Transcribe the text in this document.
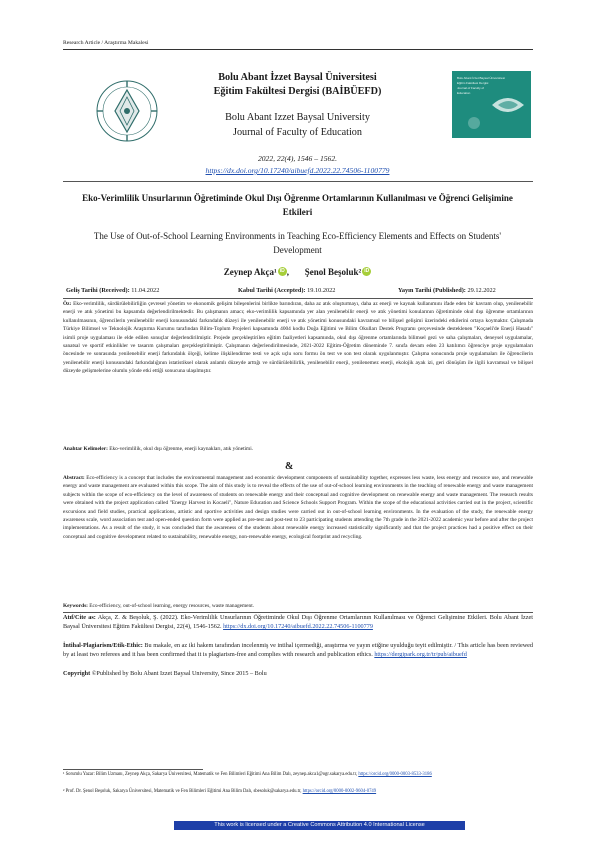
Research Article / Araştırma Makalesi
Bolu Abant İzzet Baysal Üniversitesi
Eğitim Fakültesi Dergisi
Journal of Faculty of
Education
Bolu Abant İzzet Baysal Üniversitesi
Eğitim Fakültesi Dergisi (BAİBÜEFD)
Bolu Abant Izzet Baysal University
Journal of Faculty of Education
2022, 22(4), 1546 – 1562.
https://dx.doi.org/10.17240/aibuefd.2022.22.74506-1100779
Eko-Verimlilik Unsurlarının Öğretiminde Okul Dışı Öğrenme Ortamlarının Kullanılması ve Öğrenci Gelişimine Etkileri
The Use of Out-of-School Learning Environments in Teaching Eco-Efficiency Elements and Effects on Students' Development
Zeynep Akça¹ iD , Şenol Beşoluk² iD
Geliş Tarihi (Received): 11.04.2022	Kabul Tarihi (Accepted): 19.10.2022	Yayın Tarihi (Published): 29.12.2022
Öz: Eko-verimlilik, sürdürülebilirliğin çevresel yönetim ve ekonomik gelişim bileşenlerini birlikte barındıran, daha az atık oluşturmayı, daha az enerji ve kaynak kullanımını ifade eden bir kavram olup, yenilenebilir enerji ve atık yönetimi bu kapsamda değerlendirilmektedir. Bu çalışmanın amacı; eko-verimlilik kapsamında yer alan yenilenebilir enerji ve atık yönetimi konularının öğretiminde okul dışı öğrenme ortamlarının kullanılmasının, öğrencilerin yenilenebilir enerji konusundaki farkındalık düzeyi ile yenilenebilir enerji ve atık yönetimi konusundaki kavramsal ve bilişsel gelişimi üzerindeki etkilerini ortaya koymaktır. Çalışmada Türkiye Bilimsel ve Teknolojik Araştırma Kurumu tarafından Bilim-Toplum Projeleri kapsamında 4004 kodlu Doğa Eğitimi ve Bilim Okulları Destek Programı çerçevesinde desteklenen "Koçaeli'de Enerji Hasadı" isimli proje uygulaması ile elde edilen sonuçlar değerlendirilmiştir. Projede gerçekleştirilen eğitim faaliyetleri kapsamında, okul dışı öğrenme ortamlarında bilimsel gezi ve saha çalışmaları, deneysel uygulamalar, sanatsal ve sportif etkinlikler ve tasarım çalışmaları gerçekleştirilmiştir. Çalışmanın değerlendirilmesinde, 2021-2022 Eğitim-Öğretim döneminde 7. sınıfa devam eden 23 katılımcı öğrenciye proje uygulamaları öncesinde ve sonrasında yenilenebilir enerji farkındalık ölçeği, kelime ilişkilendirme testi ve açık uçlu soru formu ön test ve son test olarak uygulanmıştır. Çalışma sonucunda proje uygulamaları ile öğrencilerin yenilenebilir enerji konusundaki farkındalığının istatistiksel olarak anlamlı düzeyde arttığı ve sürdürülebilirlik, yenilenebilir enerji, yenilenemez enerji, ekolojik ayak izi, geri dönüşüm ile ilgili kavramsal ve bilişsel düzeyde gelişmelerine olumlu yönde etki ettiği sonucuna ulaşılmıştır.
Anahtar Kelimeler: Eko-verimlilik, okul dışı öğrenme, enerji kaynakları, atık yönetimi.
&
Abstract: Eco-efficiency is a concept that includes the environmental management and economic development components of sustainability together, expresses less waste, less energy and resource use, and renewable energy and waste management are evaluated within this scope. The aim of this study is to reveal the effects of the use of out-of-school learning environments in the teaching of renewable energy and waste management subjects within the scope of eco-efficiency on the level of awareness of students on renewable energy and their conceptual and cognitive development on renewable energy and waste management. The research results were obtained with the project application called "Energy Harvest in Kocaeli", Nature Education and Science Schools Support Program. Within the scope of the educational activities carried out in the project, scientific excursions and field studies, practical applications, artistic and sportive activities and design studies were carried out in out-of-school learning environments. In the evaluation of the study, the renewable energy awareness scale, word association test and open-ended question form were applied as pre-test and post-test to 23 participating students attending the 7th grade in the 2021-2022 academic year before and after the project implementations. As a result of the study, it was concluded that the awareness of the students about renewable energy increased statistically significantly and that the project practices had a positive effect on their conceptual and cognitive development related to sustainability, renewable energy, non-renewable energy, ecological footprint and recycling.
Keywords: Eco-efficiency, out-of-school learning, energy resources, waste management.
Atıf/Cite as: Akça, Z. & Beşoluk, Ş. (2022). Eko-Verimlilik Unsurlarının Öğretiminde Okul Dışı Öğrenme Ortamlarının Kullanılması ve Öğrenci Gelişimine Etkileri. Bolu Abant İzzet Baysal Üniversitesi Eğitim Fakültesi Dergisi, 22(4), 1546-1562. https://dx.doi.org/10.17240/aibuefd.2022.22.74506-1100779
İntihal-Plagiarism/Etik-Ethic: Bu makale, en az iki hakem tarafından incelenmiş ve intihal içermediği, araştırma ve yayın etiğine uyulduğu teyit edilmiştir. / This article has been reviewed by at least two referees and it has been confirmed that it is plagiarism-free and complies with research and publication ethics. https://dergipark.org.tr/tr/pub/aibuefd
Copyright ©Published by Bolu Abant Izzet Baysal University, Since 2015 – Bolu
¹ Sorumlu Yazar: Bilim Uzmanı, Zeynep Akça, Sakarya Üniversitesi, Matematik ve Fen Bilimleri Eğitimi Ana Bilim Dalı, zeynep.akca1@ogr.sakarya.edu.tr, https://orcid.org/0000-0003-8533-3186
² Prof. Dr. Şenol Beşoluk, Sakarya Üniversitesi, Matematik ve Fen Bilimleri Eğitimi Ana Bilim Dalı, sbesoluk@sakarya.edu.tr, https://orcid.org/0000-0002-9604-0749
This work is licensed under a Creative Commons Attribution 4.0 International License
